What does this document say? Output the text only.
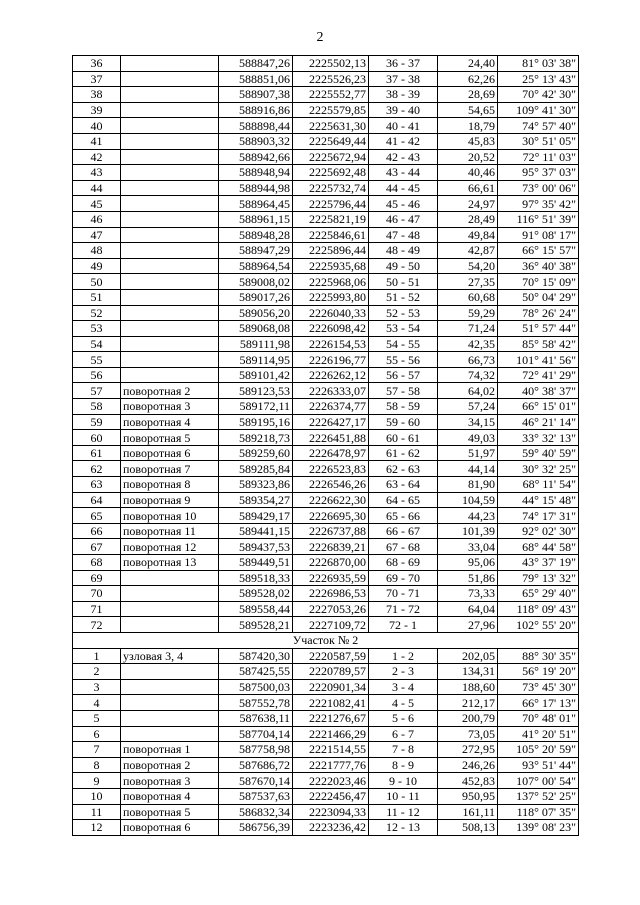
2
36		588847,26	2225502,13	36 - 37	24,40	81° 03' 38"
37		588851,06	2225526,23	37 - 38	62,26	25° 13' 43"
38		588907,38	2225552,77	38 - 39	28,69	70° 42' 30"
39		588916,86	2225579,85	39 - 40	54,65	109° 41' 30"
40		588898,44	2225631,30	40 - 41	18,79	74° 57' 40"
41		588903,32	2225649,44	41 - 42	45,83	30° 51' 05"
42		588942,66	2225672,94	42 - 43	20,52	72° 11' 03"
43		588948,94	2225692,48	43 - 44	40,46	95° 37' 03"
44		588944,98	2225732,74	44 - 45	66,61	73° 00' 06"
45		588964,45	2225796,44	45 - 46	24,97	97° 35' 42"
46		588961,15	2225821,19	46 - 47	28,49	116° 51' 39"
47		588948,28	2225846,61	47 - 48	49,84	91° 08' 17"
48		588947,29	2225896,44	48 - 49	42,87	66° 15' 57"
49		588964,54	2225935,68	49 - 50	54,20	36° 40' 38"
50		589008,02	2225968,06	50 - 51	27,35	70° 15' 09"
51		589017,26	2225993,80	51 - 52	60,68	50° 04' 29"
52		589056,20	2226040,33	52 - 53	59,29	78° 26' 24"
53		589068,08	2226098,42	53 - 54	71,24	51° 57' 44"
54		589111,98	2226154,53	54 - 55	42,35	85° 58' 42"
55		589114,95	2226196,77	55 - 56	66,73	101° 41' 56"
56		589101,42	2226262,12	56 - 57	74,32	72° 41' 29"
57	поворотная 2	589123,53	2226333,07	57 - 58	64,02	40° 38' 37"
58	поворотная 3	589172,11	2226374,77	58 - 59	57,24	66° 15' 01"
59	поворотная 4	589195,16	2226427,17	59 - 60	34,15	46° 21' 14"
60	поворотная 5	589218,73	2226451,88	60 - 61	49,03	33° 32' 13"
61	поворотная 6	589259,60	2226478,97	61 - 62	51,97	59° 40' 59"
62	поворотная 7	589285,84	2226523,83	62 - 63	44,14	30° 32' 25"
63	поворотная 8	589323,86	2226546,26	63 - 64	81,90	68° 11' 54"
64	поворотная 9	589354,27	2226622,30	64 - 65	104,59	44° 15' 48"
65	поворотная 10	589429,17	2226695,30	65 - 66	44,23	74° 17' 31"
66	поворотная 11	589441,15	2226737,88	66 - 67	101,39	92° 02' 30"
67	поворотная 12	589437,53	2226839,21	67 - 68	33,04	68° 44' 58"
68	поворотная 13	589449,51	2226870,00	68 - 69	95,06	43° 37' 19"
69		589518,33	2226935,59	69 - 70	51,86	79° 13' 32"
70		589528,02	2226986,53	70 - 71	73,33	65° 29' 40"
71		589558,44	2227053,26	71 - 72	64,04	118° 09' 43"
72		589528,21	2227109,72	72 - 1	27,96	102° 55' 20"
Участок № 2						
1	узловая 3, 4	587420,30	2220587,59	1 - 2	202,05	88° 30' 35"
2		587425,55	2220789,57	2 - 3	134,31	56° 19' 20"
3		587500,03	2220901,34	3 - 4	188,60	73° 45' 30"
4		587552,78	2221082,41	4 - 5	212,17	66° 17' 13"
5		587638,11	2221276,67	5 - 6	200,79	70° 48' 01"
6		587704,14	2221466,29	6 - 7	73,05	41° 20' 51"
7	поворотная 1	587758,98	2221514,55	7 - 8	272,95	105° 20' 59"
8	поворотная 2	587686,72	2221777,76	8 - 9	246,26	93° 51' 44"
9	поворотная 3	587670,14	2222023,46	9 - 10	452,83	107° 00' 54"
10	поворотная 4	587537,63	2222456,47	10 - 11	950,95	137° 52' 25"
11	поворотная 5	586832,34	2223094,33	11 - 12	161,11	118° 07' 35"
12	поворотная 6	586756,39	2223236,42	12 - 13	508,13	139° 08' 23"
